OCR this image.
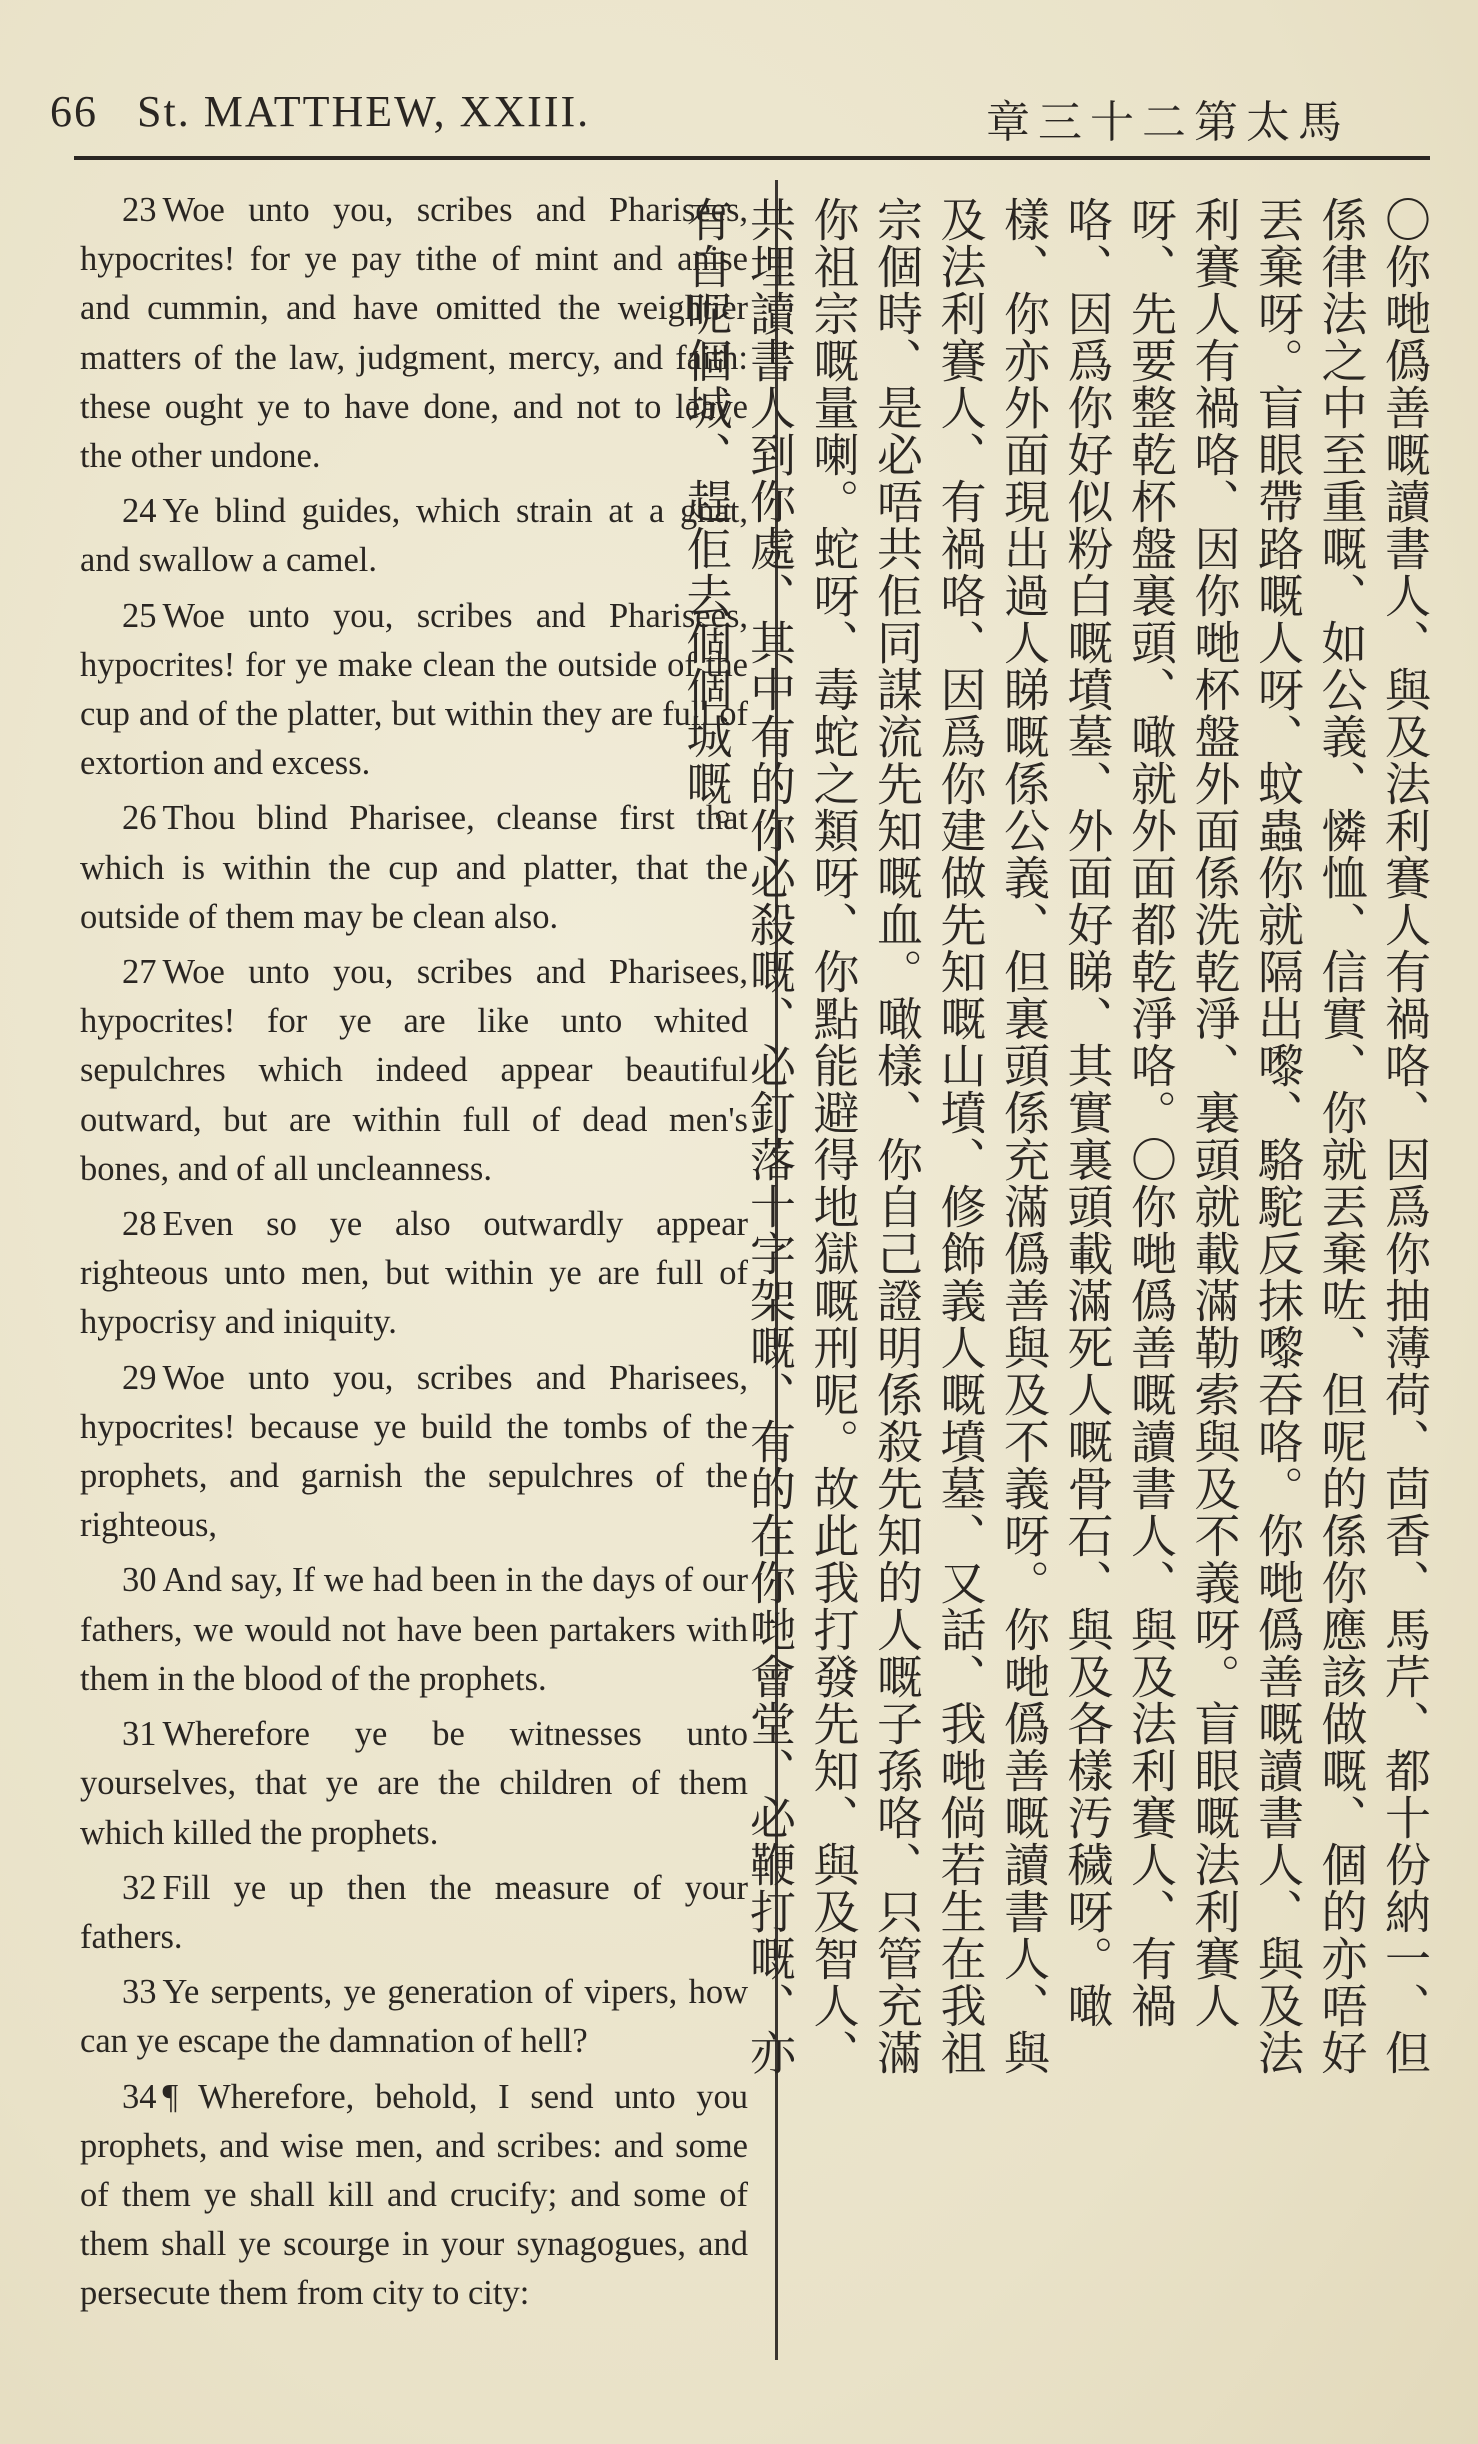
66 St. MATTHEW, XXIII.	章三十二第太馬

23 Woe unto you, scribes and Pharisees, hypocrites! for ye pay tithe of mint and anise and cummin, and have omitted the weightier matters of the law, judgment, mercy, and faith: these ought ye to have done, and not to leave the other undone.

24 Ye blind guides, which strain at a gnat, and swallow a camel.

25 Woe unto you, scribes and Pharisees, hypocrites! for ye make clean the outside of the cup and of the platter, but within they are full of extortion and excess.

26 Thou blind Pharisee, cleanse first that which is within the cup and platter, that the outside of them may be clean also.

27 Woe unto you, scribes and Pharisees, hypocrites! for ye are like unto whited sepulchres which indeed appear beautiful outward, but are within full of dead men's bones, and of all uncleanness.

28 Even so ye also outwardly appear righteous unto men, but within ye are full of hypocrisy and iniquity.

29 Woe unto you, scribes and Pharisees, hypocrites! because ye build the tombs of the prophets, and garnish the sepulchres of the righteous,

30 And say, If we had been in the days of our fathers, we would not have been partakers with them in the blood of the prophets.

31 Wherefore ye be witnesses unto yourselves, that ye are the children of them which killed the prophets.

32 Fill ye up then the measure of your fathers.

33 Ye serpents, ye generation of vipers, how can ye escape the damnation of hell?

34 ¶ Wherefore, behold, I send unto you prophets, and wise men, and scribes: and some of them ye shall kill and crucify; and some of them shall ye scourge in your synagogues, and persecute them from city to city:

〇你哋僞善嘅讀書人、與及法利賽人有禍咯、因爲你抽薄荷、茴香、馬芹、都十份納一、但係律法之中至重嘅、如公義、憐恤、信實、你就丟棄咗、但呢的係你應該做嘅、個的亦唔好丟棄呀。盲眼帶路嘅人呀、蚊蟲你就隔出嚟、駱駝反抹嚟吞咯。你哋僞善嘅讀書人、與及法利賽人有禍咯、因你哋杯盤外面係洗乾淨、裏頭就載滿勒索與及不義呀。盲眼嘅法利賽人呀、先要整乾杯盤裏頭、噉就外面都乾淨咯。〇你哋僞善嘅讀書人、與及法利賽人、有禍咯、因爲你好似粉白嘅墳墓、外面好睇、其實裏頭載滿死人嘅骨石、與及各樣汚穢呀。噉樣、你亦外面現出過人睇嘅係公義、但裏頭係充滿僞善與及不義呀。你哋僞善嘅讀書人、與及法利賽人、有禍咯、因爲你建做先知嘅山墳、修飾義人嘅墳墓、又話、我哋倘若生在我祖宗個時、是必唔共佢同謀流先知嘅血。噉樣、你自己證明係殺先知的人嘅子孫咯、只管充滿你祖宗嘅量喇。蛇呀、毒蛇之類呀、你點能避得地獄嘅刑呢。故此我打發先知、與及智人、共埋讀書人到你處、其中有的你必殺嘅、必釘落十字架嘅、有的在你哋會堂、必鞭打嘅、亦有自呢個城、趕佢去個個城嘅。
